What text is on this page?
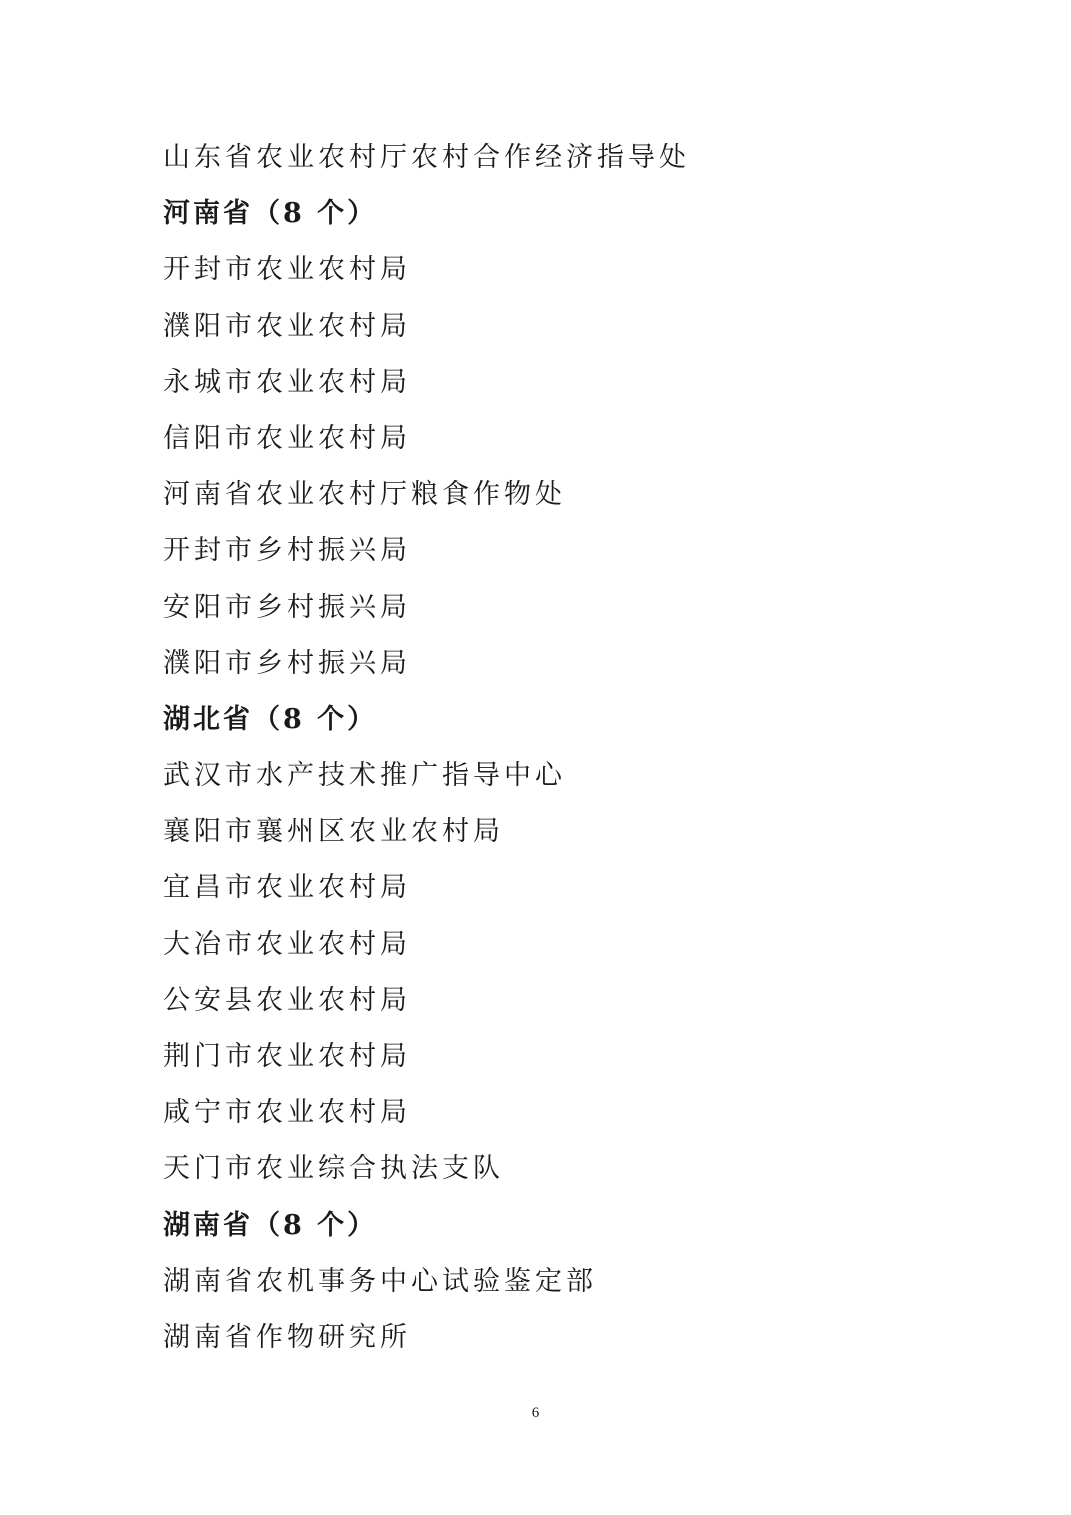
山东省农业农村厅农村合作经济指导处
河南省（8 个）
开封市农业农村局
濮阳市农业农村局
永城市农业农村局
信阳市农业农村局
河南省农业农村厅粮食作物处
开封市乡村振兴局
安阳市乡村振兴局
濮阳市乡村振兴局
湖北省（8 个）
武汉市水产技术推广指导中心
襄阳市襄州区农业农村局
宜昌市农业农村局
大冶市农业农村局
公安县农业农村局
荆门市农业农村局
咸宁市农业农村局
天门市农业综合执法支队
湖南省（8 个）
湖南省农机事务中心试验鉴定部
湖南省作物研究所
6
